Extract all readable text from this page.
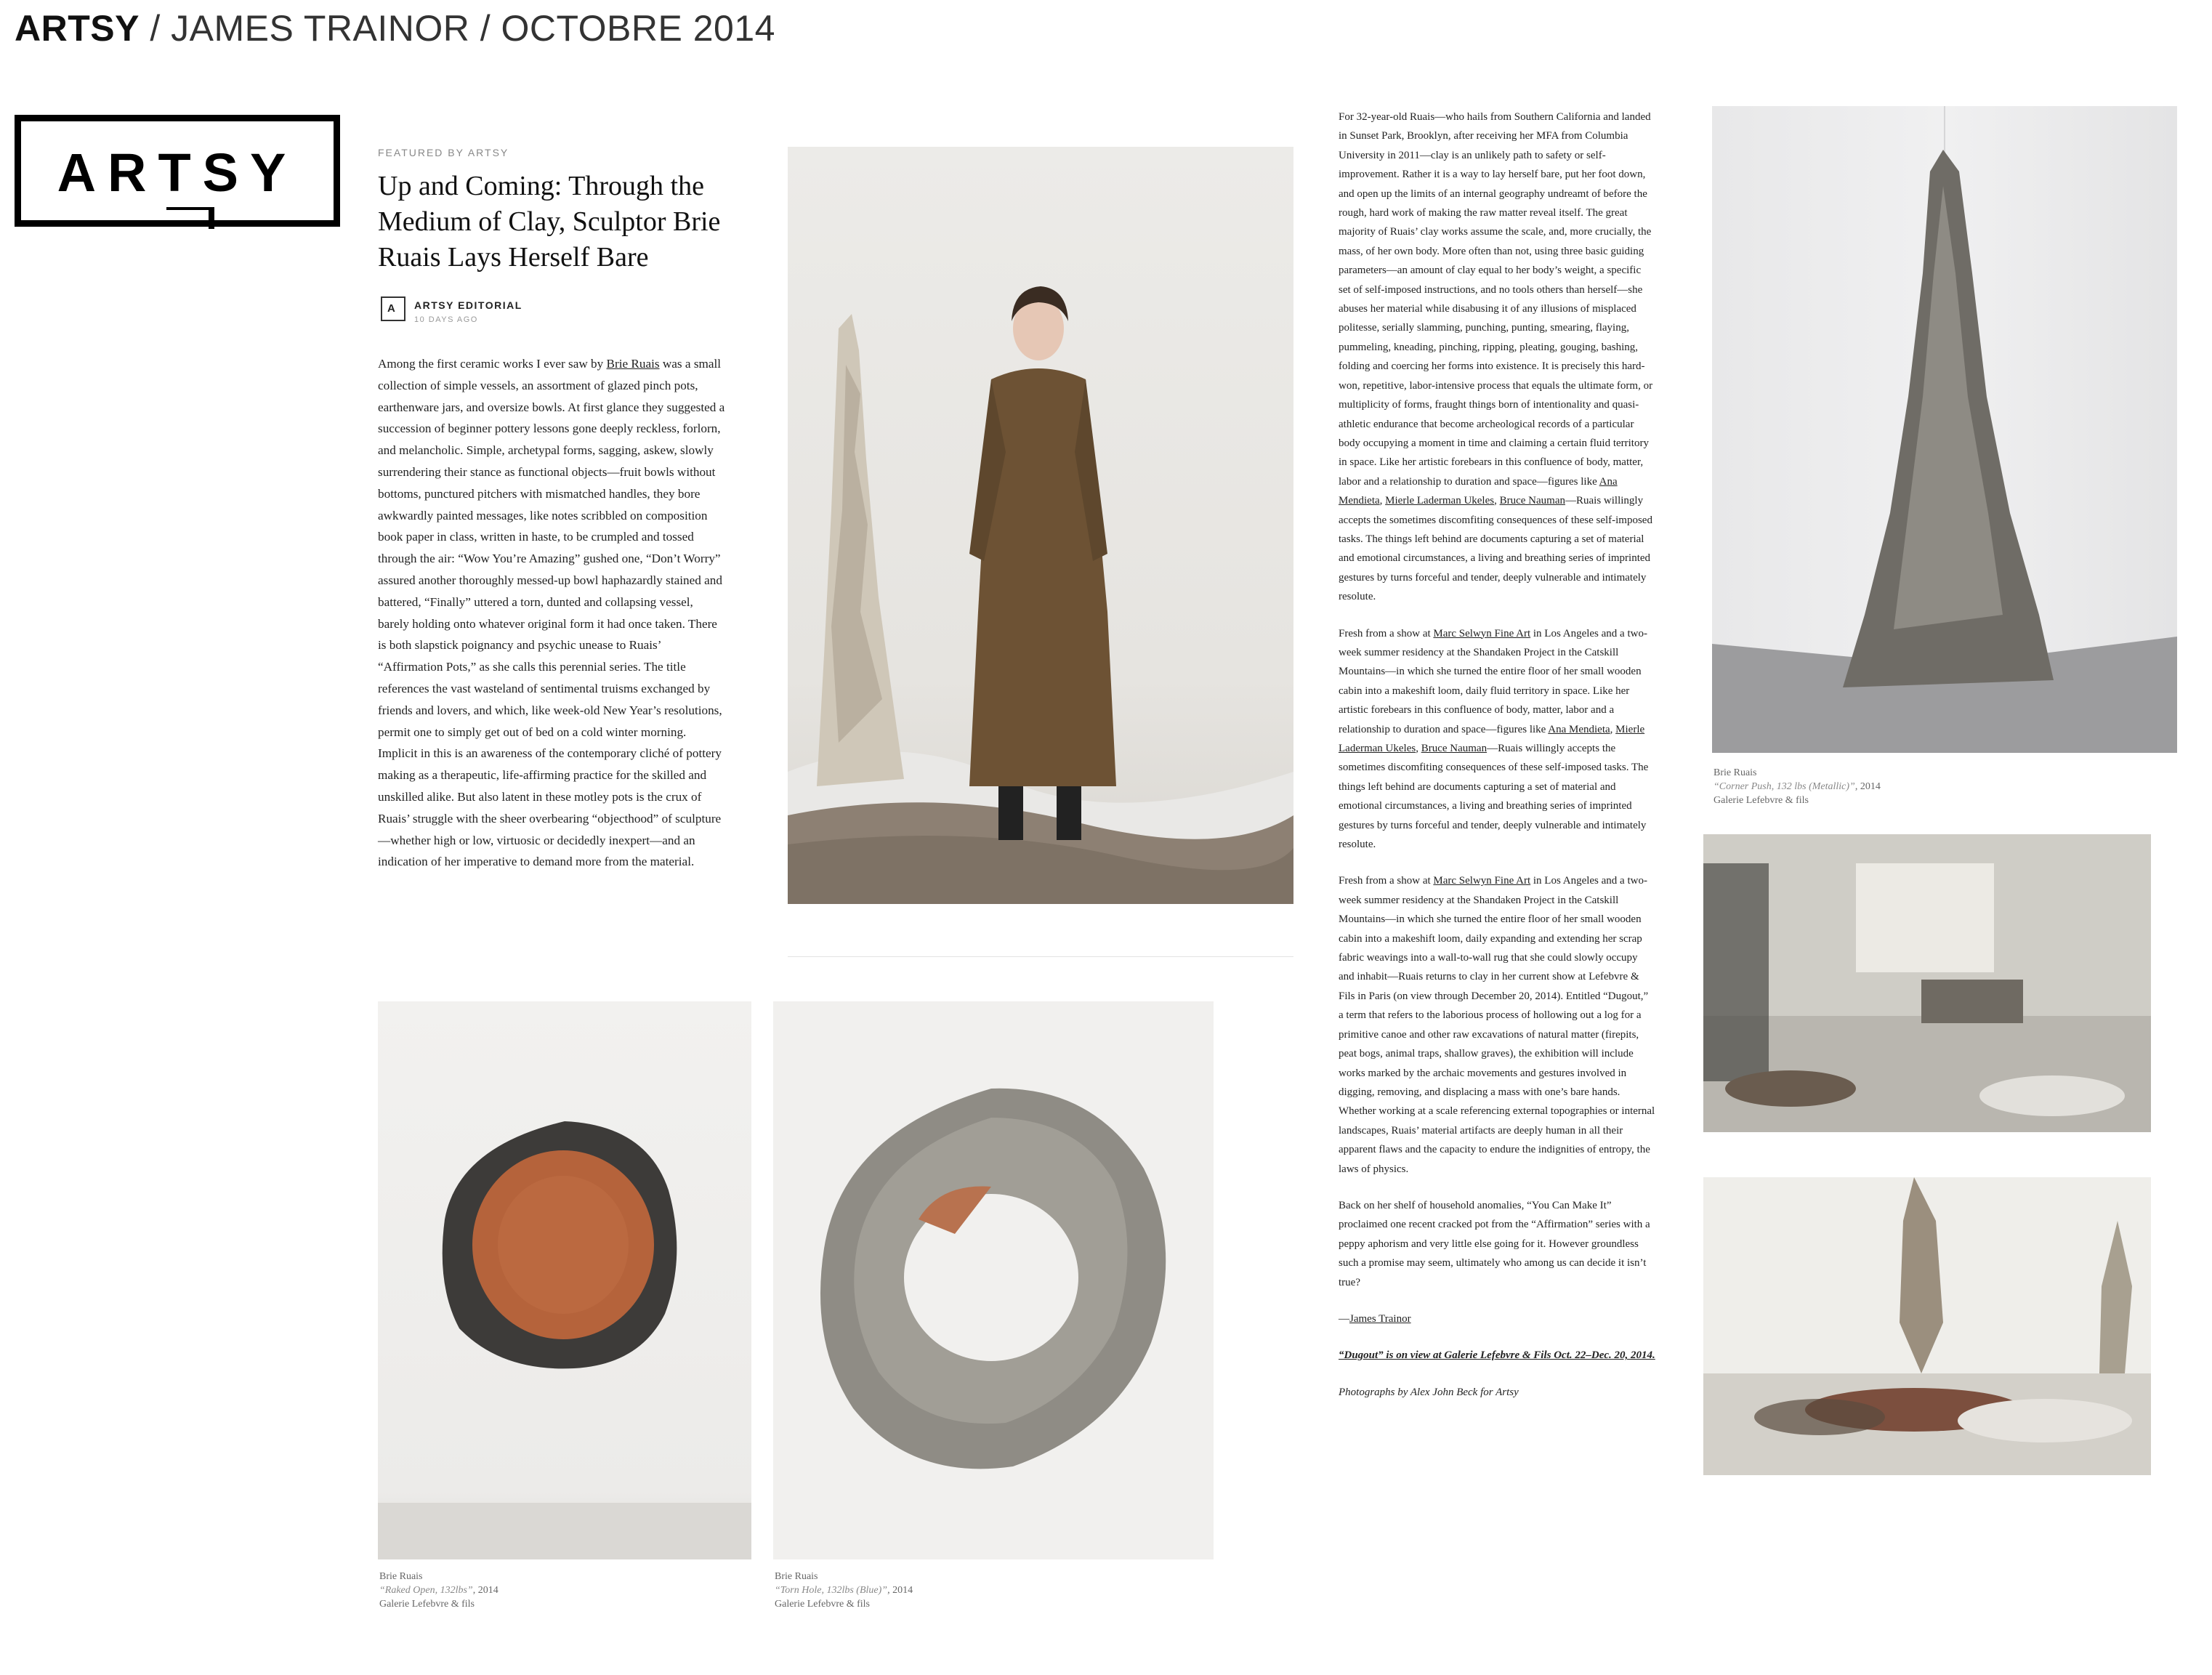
ARTSY / JAMES TRAINOR / OCTOBRE 2014
ARTSY	FEATURED BY ARTSY
Up and Coming: Through the Medium of Clay, Sculptor Brie Ruais Lays Herself Bare
A ARTSY EDITORIAL
10 DAYS AGO

Among the first ceramic works I ever saw by Brie Ruais was a small collection of simple vessels, an assortment of glazed pinch pots, earthenware jars, and oversize bowls. At first glance they suggested a succession of beginner pottery lessons gone deeply reckless, forlorn, and melancholic. Simple, archetypal forms, sagging, askew, slowly surrendering their stance as functional objects—fruit bowls without bottoms, punctured pitchers with mismatched handles, they bore awkwardly painted messages, like notes scribbled on composition book paper in class, written in haste, to be crumpled and tossed through the air: “Wow You’re Amazing” gushed one, “Don’t Worry” assured another thoroughly messed-up bowl haphazardly stained and battered, “Finally” uttered a torn, dunted and collapsing vessel, barely holding onto whatever original form it had once taken. There is both slapstick poignancy and psychic unease to Ruais’ “Affirmation Pots,” as she calls this perennial series. The title references the vast wasteland of sentimental truisms exchanged by friends and lovers, and which, like week-old New Year’s resolutions, permit one to simply get out of bed on a cold winter morning. Implicit in this is an awareness of the contemporary cliché of pottery making as a therapeutic, life-affirming practice for the skilled and unskilled alike. But also latent in these motley pots is the crux of Ruais’ struggle with the sheer overbearing “objecthood” of sculpture—whether high or low, virtuosic or decidedly inexpert—and an indication of her imperative to demand more from the material.

Brie Ruais
“Raked Open, 132lbs”, 2014
Galerie Lefebvre & fils
Brie Ruais
“Torn Hole, 132lbs (Blue)”, 2014
Galerie Lefebvre & fils

For 32-year-old Ruais—who hails from Southern California and landed in Sunset Park, Brooklyn, after receiving her MFA from Columbia University in 2011—clay is an unlikely path to safety or self-improvement. Rather it is a way to lay herself bare, put her foot down, and open up the limits of an internal geography undreamt of before the rough, hard work of making the raw matter reveal itself. The great majority of Ruais’ clay works assume the scale, and, more crucially, the mass, of her own body. More often than not, using three basic guiding parameters—an amount of clay equal to her body’s weight, a specific set of self-imposed instructions, and no tools others than herself—she abuses her material while disabusing it of any illusions of misplaced politesse, serially slamming, punching, punting, smearing, flaying, pummeling, kneading, pinching, ripping, pleating, gouging, bashing, folding and coercing her forms into existence. It is precisely this hard-won, repetitive, labor-intensive process that equals the ultimate form, or multiplicity of forms, fraught things born of intentionality and quasi-athletic endurance that become archeological records of a particular body occupying a moment in time and claiming a certain fluid territory in space. Like her artistic forebears in this confluence of body, matter, labor and a relationship to duration and space—figures like Ana Mendieta, Mierle Laderman Ukeles, Bruce Nauman—Ruais willingly accepts the sometimes discomfiting consequences of these self-imposed tasks. The things left behind are documents capturing a set of material and emotional circumstances, a living and breathing series of imprinted gestures by turns forceful and tender, deeply vulnerable and intimately resolute.

Fresh from a show at Marc Selwyn Fine Art in Los Angeles and a two-week summer residency at the Shandaken Project in the Catskill Mountains—in which she turned the entire floor of her small wooden cabin into a makeshift loom, daily fluid territory in space. Like her artistic forebears in this confluence of body, matter, labor and a relationship to duration and space—figures like Ana Mendieta, Mierle Laderman Ukeles, Bruce Nauman—Ruais willingly accepts the sometimes discomfiting consequences of these self-imposed tasks. The things left behind are documents capturing a set of material and emotional circumstances, a living and breathing series of imprinted gestures by turns forceful and tender, deeply vulnerable and intimately resolute.

Fresh from a show at Marc Selwyn Fine Art in Los Angeles and a two-week summer residency at the Shandaken Project in the Catskill Mountains—in which she turned the entire floor of her small wooden cabin into a makeshift loom, daily expanding and extending her scrap fabric weavings into a wall-to-wall rug that she could slowly occupy and inhabit—Ruais returns to clay in her current show at Lefebvre & Fils in Paris (on view through December 20, 2014). Entitled “Dugout,” a term that refers to the laborious process of hollowing out a log for a primitive canoe and other raw excavations of natural matter (firepits, peat bogs, animal traps, shallow graves), the exhibition will include works marked by the archaic movements and gestures involved in digging, removing, and displacing a mass with one’s bare hands. Whether working at a scale referencing external topographies or internal landscapes, Ruais’ material artifacts are deeply human in all their apparent flaws and the capacity to endure the indignities of entropy, the laws of physics.

Back on her shelf of household anomalies, “You Can Make It” proclaimed one recent cracked pot from the “Affirmation” series with a peppy aphorism and very little else going for it. However groundless such a promise may seem, ultimately who among us can decide it isn’t true?

—James Trainor

“Dugout” is on view at Galerie Lefebvre & Fils Oct. 22–Dec. 20, 2014.

Photographs by Alex John Beck for Artsy

Brie Ruais
“Corner Push, 132 lbs (Metallic)”, 2014
Galerie Lefebvre & fils
